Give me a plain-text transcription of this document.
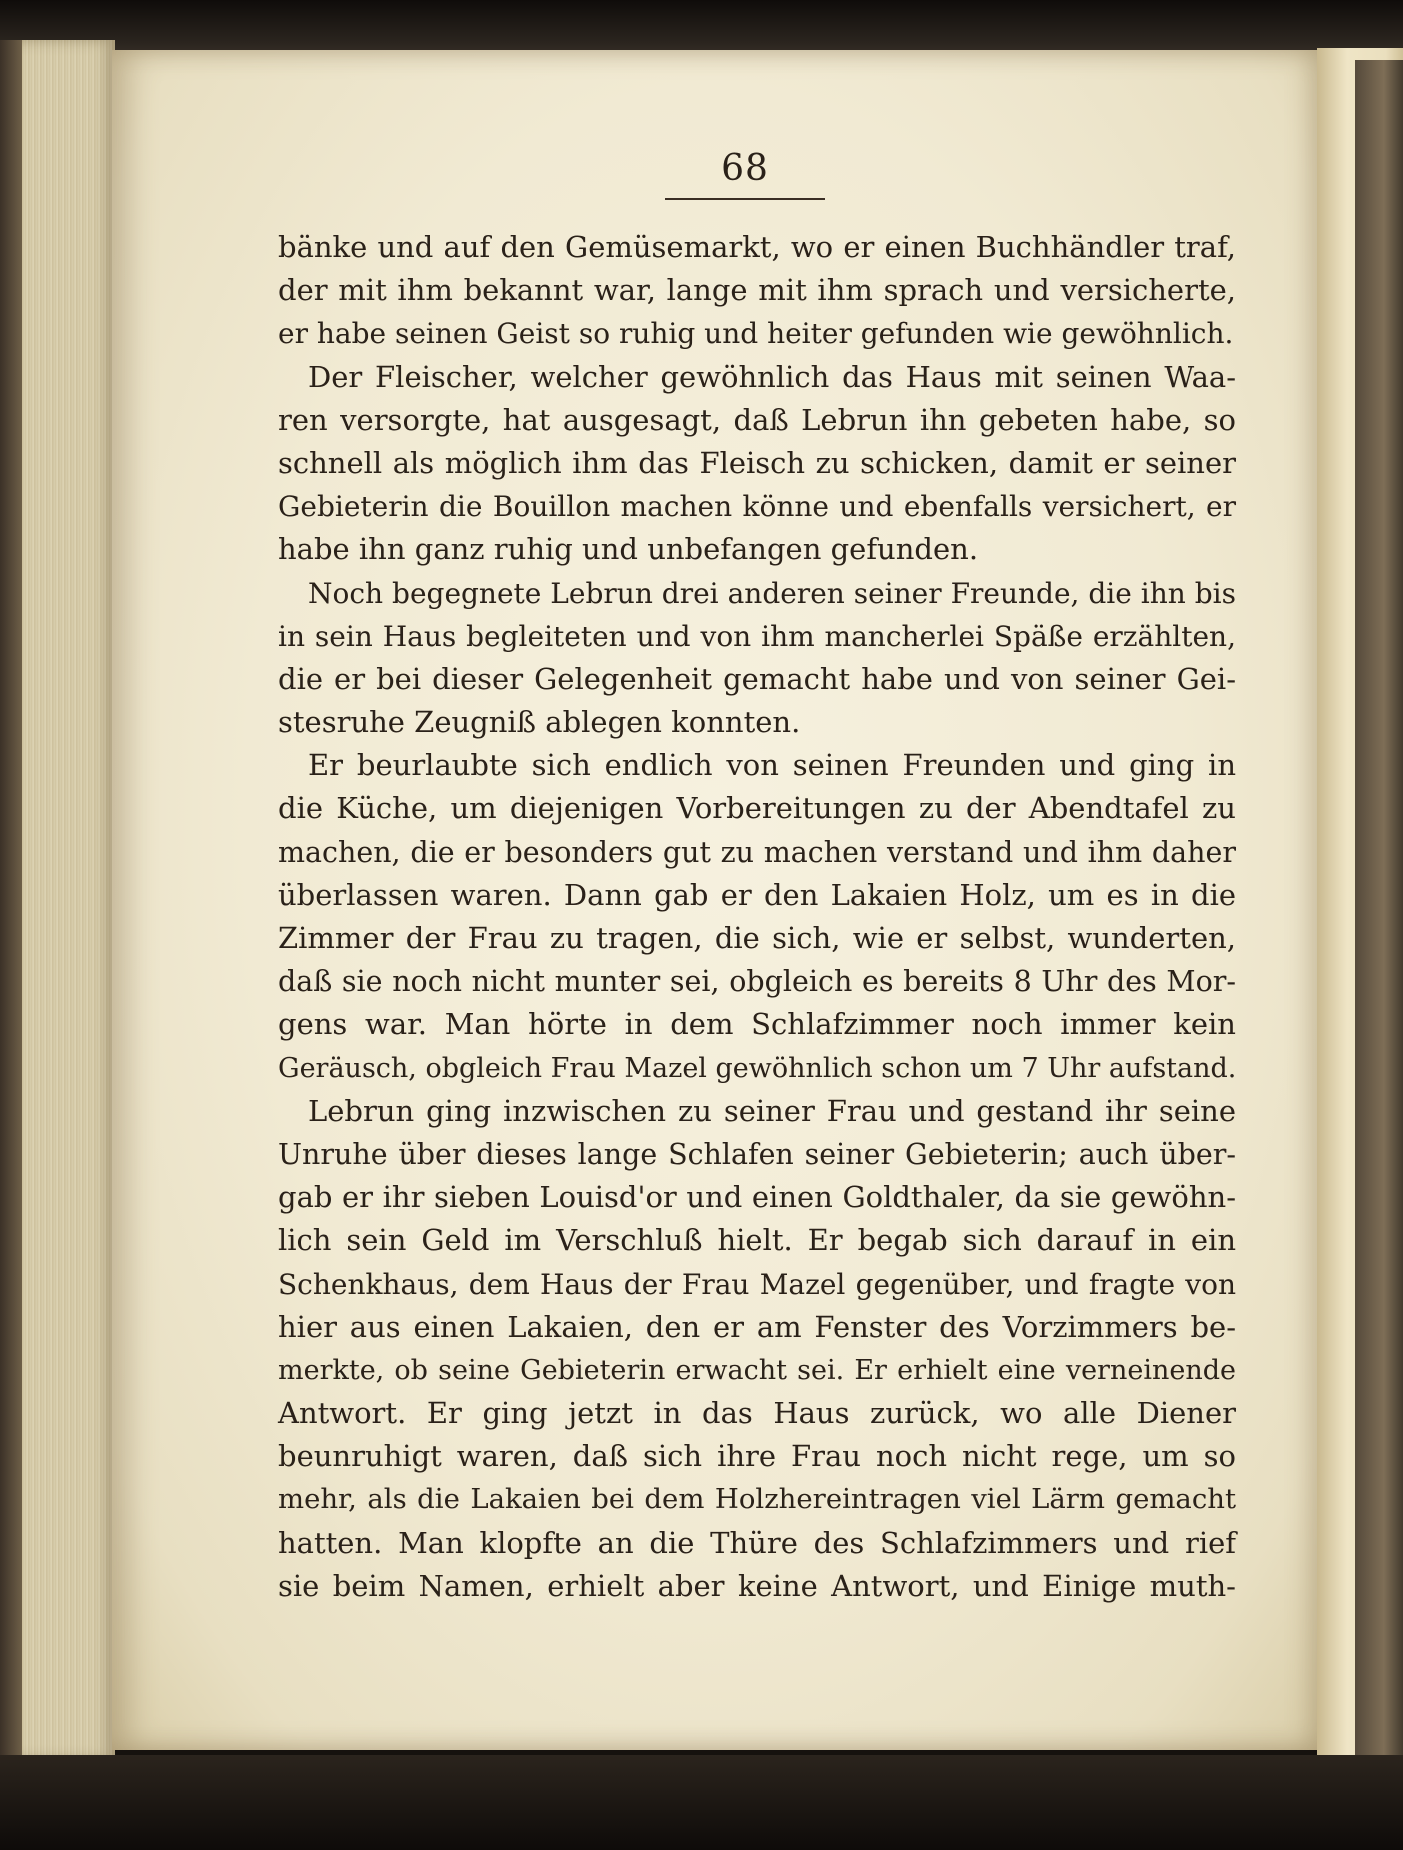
68
bänke und auf den Gemüsemarkt, wo er einen Buchhändler traf,
der mit ihm bekannt war, lange mit ihm sprach und versicherte,
er habe seinen Geist so ruhig und heiter gefunden wie gewöhnlich.
Der Fleischer, welcher gewöhnlich das Haus mit seinen Waa-
ren versorgte, hat ausgesagt, daß Lebrun ihn gebeten habe, so
schnell als möglich ihm das Fleisch zu schicken, damit er seiner
Gebieterin die Bouillon machen könne und ebenfalls versichert, er
habe ihn ganz ruhig und unbefangen gefunden.
Noch begegnete Lebrun drei anderen seiner Freunde, die ihn bis
in sein Haus begleiteten und von ihm mancherlei Späße erzählten,
die er bei dieser Gelegenheit gemacht habe und von seiner Gei-
stesruhe Zeugniß ablegen konnten.
Er beurlaubte sich endlich von seinen Freunden und ging in
die Küche, um diejenigen Vorbereitungen zu der Abendtafel zu
machen, die er besonders gut zu machen verstand und ihm daher
überlassen waren. Dann gab er den Lakaien Holz, um es in die
Zimmer der Frau zu tragen, die sich, wie er selbst, wunderten,
daß sie noch nicht munter sei, obgleich es bereits 8 Uhr des Mor-
gens war. Man hörte in dem Schlafzimmer noch immer kein
Geräusch, obgleich Frau Mazel gewöhnlich schon um 7 Uhr aufstand.
Lebrun ging inzwischen zu seiner Frau und gestand ihr seine
Unruhe über dieses lange Schlafen seiner Gebieterin; auch über-
gab er ihr sieben Louisd'or und einen Goldthaler, da sie gewöhn-
lich sein Geld im Verschluß hielt. Er begab sich darauf in ein
Schenkhaus, dem Haus der Frau Mazel gegenüber, und fragte von
hier aus einen Lakaien, den er am Fenster des Vorzimmers be-
merkte, ob seine Gebieterin erwacht sei. Er erhielt eine verneinende
Antwort. Er ging jetzt in das Haus zurück, wo alle Diener
beunruhigt waren, daß sich ihre Frau noch nicht rege, um so
mehr, als die Lakaien bei dem Holzhereintragen viel Lärm gemacht
hatten. Man klopfte an die Thüre des Schlafzimmers und rief
sie beim Namen, erhielt aber keine Antwort, und Einige muth-
